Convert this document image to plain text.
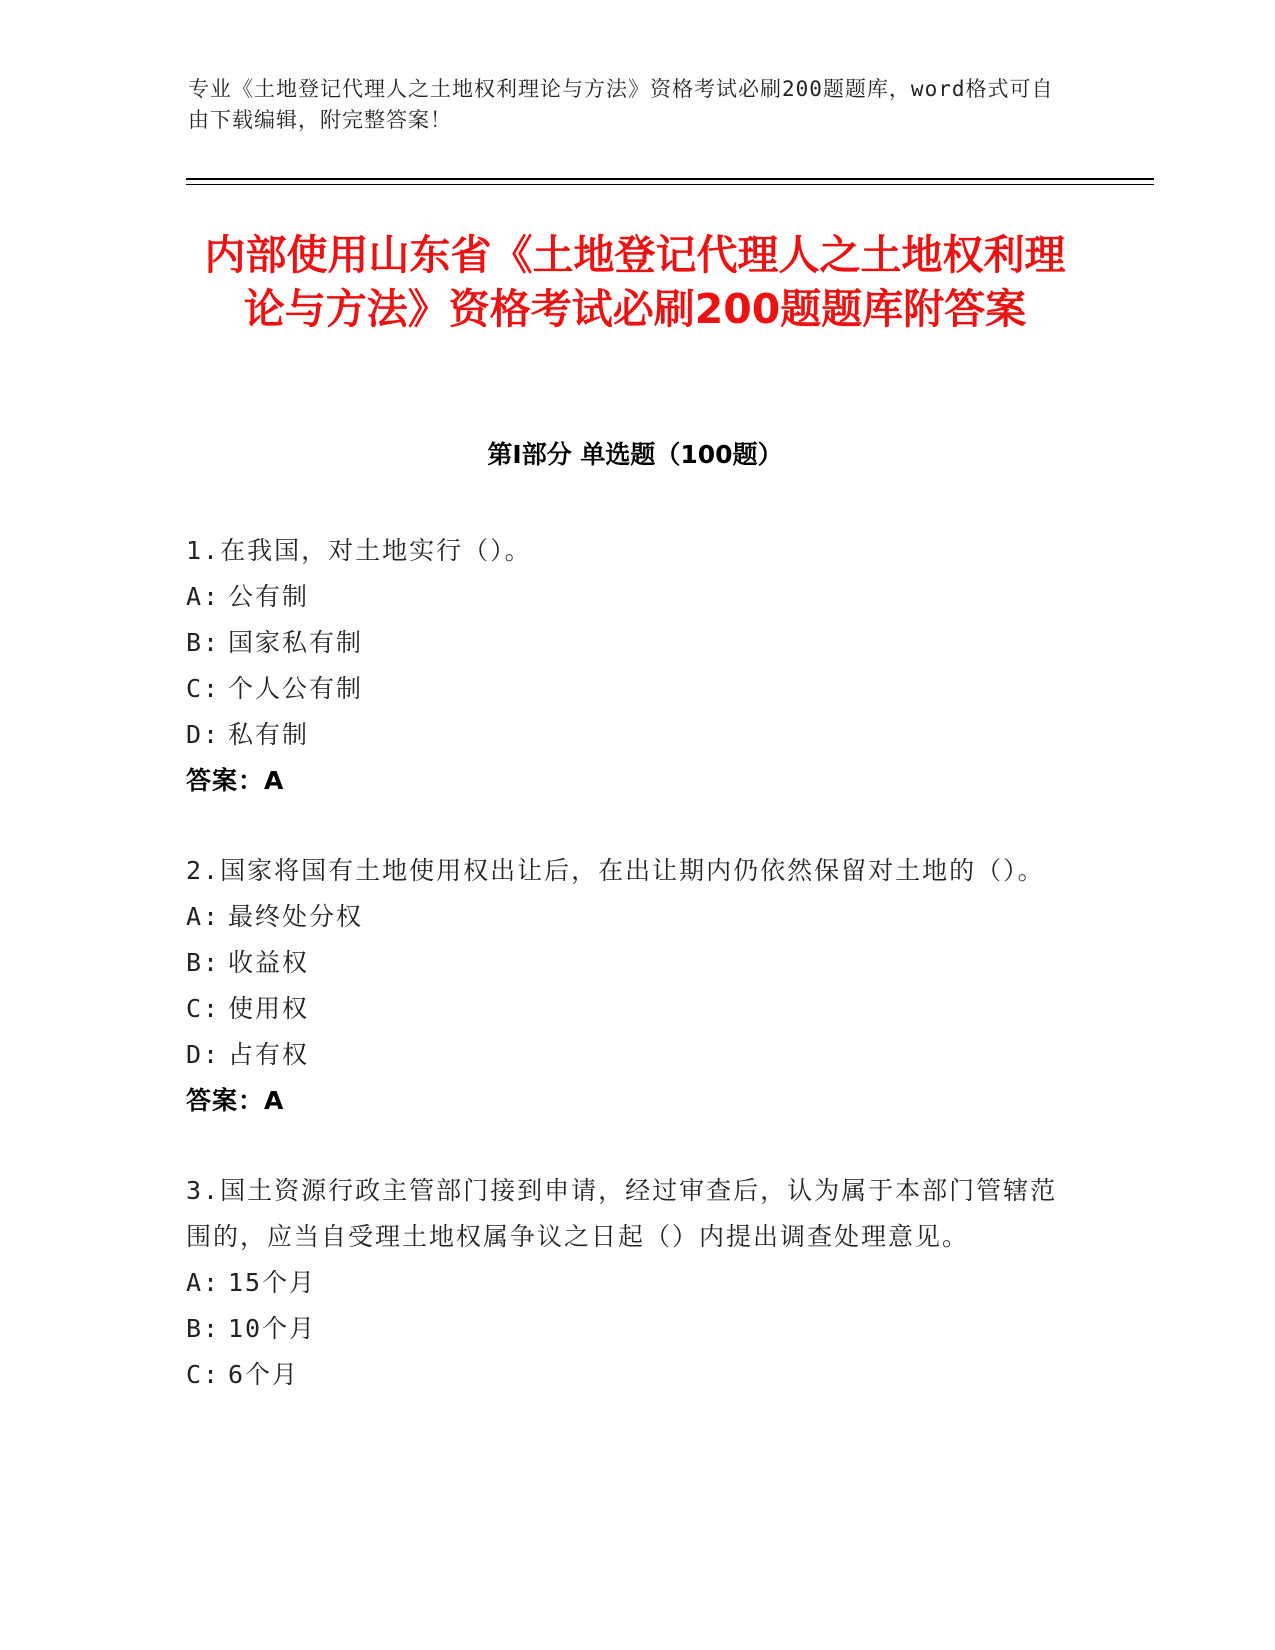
专业《土地登记代理人之土地权利理论与方法》资格考试必刷200题题库，word格式可自由下载编辑，附完整答案！
内部使用山东省《土地登记代理人之土地权利理论与方法》资格考试必刷200题题库附答案
第Ⅰ部分 单选题（100题）
1.在我国，对土地实行（）。
A: 公有制
B: 国家私有制
C: 个人公有制
D: 私有制
答案：A
2.国家将国有土地使用权出让后，在出让期内仍依然保留对土地的（）。
A: 最终处分权
B: 收益权
C: 使用权
D: 占有权
答案：A
3.国土资源行政主管部门接到申请，经过审查后，认为属于本部门管辖范围的，应当自受理土地权属争议之日起（）内提出调查处理意见。
A: 15个月
B: 10个月
C: 6个月
